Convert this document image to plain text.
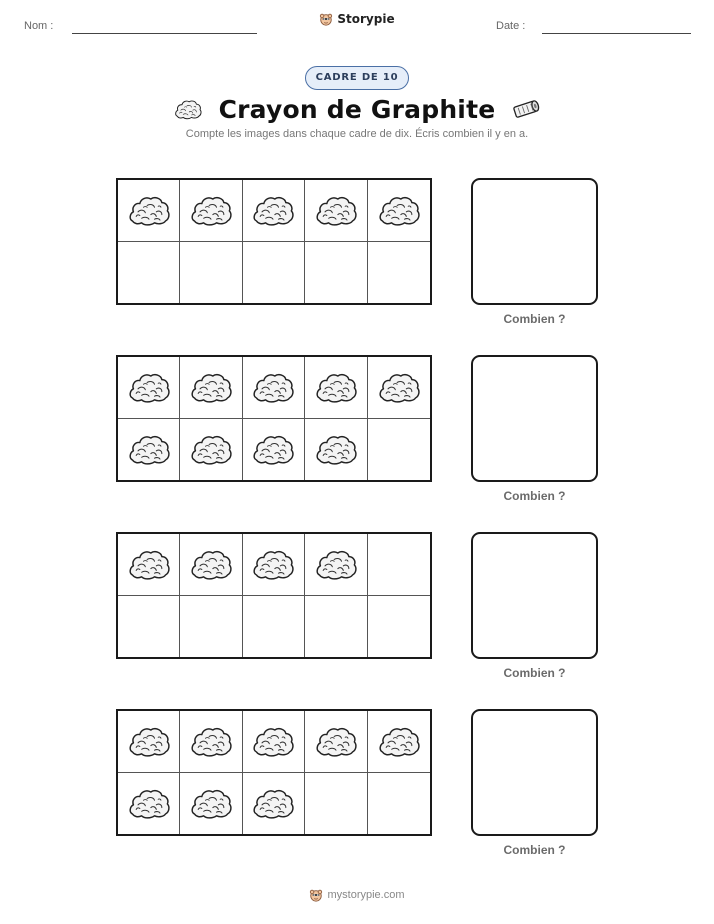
Nom :	Storypie	Date :
CADRE DE 10
Crayon de Graphite
Compte les images dans chaque cadre de dix. Écris combien il y en a.
Combien ?
Combien ?
Combien ?
Combien ?
mystorypie.com
